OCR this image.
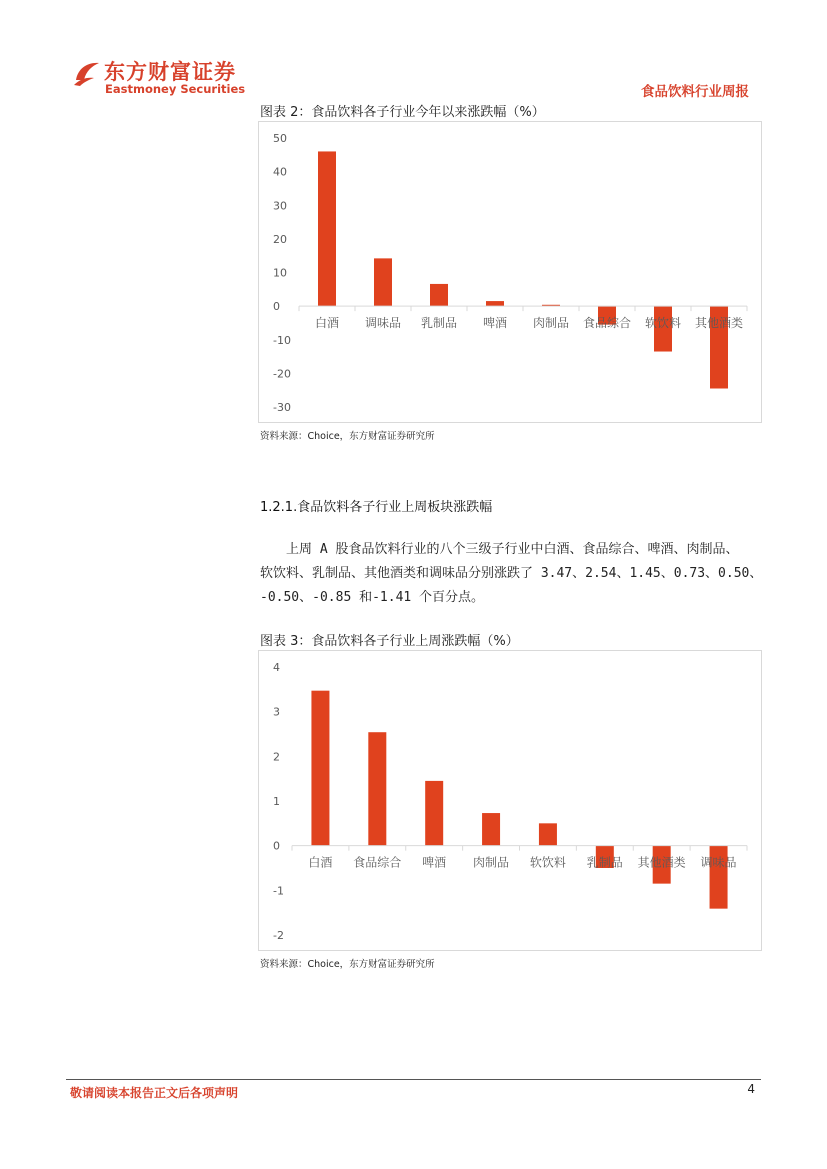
东方财富证券
Eastmoney Securities	食品饮料行业周报
图表 2：食品饮料各子行业今年以来涨跌幅（%）
50
40
30
20
10
0
-10
-20
-30
白酒 调味品 乳制品 啤酒 肉制品 食品综合 软饮料 其他酒类
资料来源：Choice，东方财富证券研究所
1.2.1.食品饮料各子行业上周板块涨跌幅
　　上周 A 股食品饮料行业的八个三级子行业中白酒、食品综合、啤酒、肉制品、
软饮料、乳制品、其他酒类和调味品分别涨跌了 3.47、2.54、1.45、0.73、0.50、
-0.50、-0.85 和-1.41 个百分点。
图表 3：食品饮料各子行业上周涨跌幅（%）
4
3
2
1
0
-1
-2
白酒 食品综合 啤酒 肉制品 软饮料 乳制品 其他酒类 调味品
资料来源：Choice，东方财富证券研究所
敬请阅读本报告正文后各项声明	4
